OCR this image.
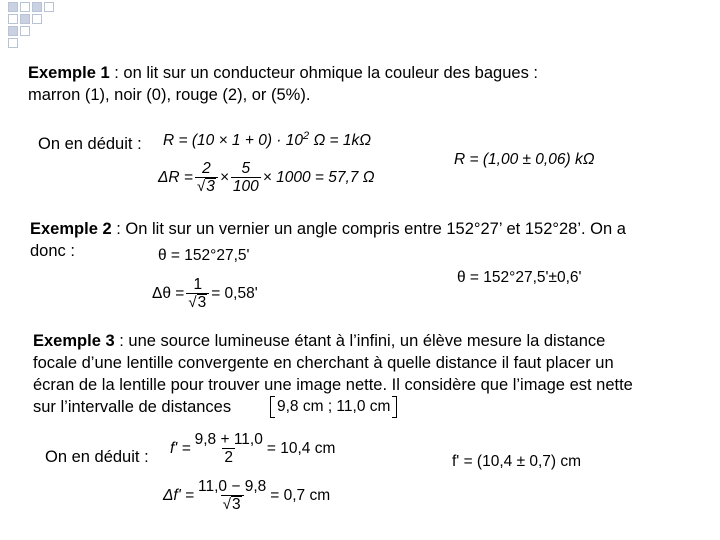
Exemple 1 : on lit sur un conducteur ohmique la couleur des bagues :
marron (1), noir (0), rouge (2), or (5%).

On en déduit : $R = (10 \times 1 + 0) \cdot 10^2$ Ω = 1kΩ
$\Delta R = \frac{2}{√ 3} \times \frac{5}{100} \times 1000 = 57,7$ Ω
R = (1,00 ± 0,06) kΩ

Exemple 2 : On lit sur un vernier un angle compris entre 152°27’ et 152°28’. On a
donc :	θ = 152°27,5'
$\Delta\theta = \frac{1}{√ 3} = 0,58'$
θ = 152°27,5'±0,6'

Exemple 3 : une source lumineuse étant à l’infini, un élève mesure la distance
focale d’une lentille convergente en cherchant à quelle distance il faut placer un
écran de la lentille pour trouver une image nette. Il considère que l’image est nette
sur l’intervalle de distances	9,8 cm ; 11,0 cm
On en déduit : $f' = \frac{9,8 + 11,0}{2} = 10,4$ cm
$\Delta f' = \frac{11,0 - 9,8}{√ 3} = 0,7$ cm
f' = (10,4 ± 0,7) cm
